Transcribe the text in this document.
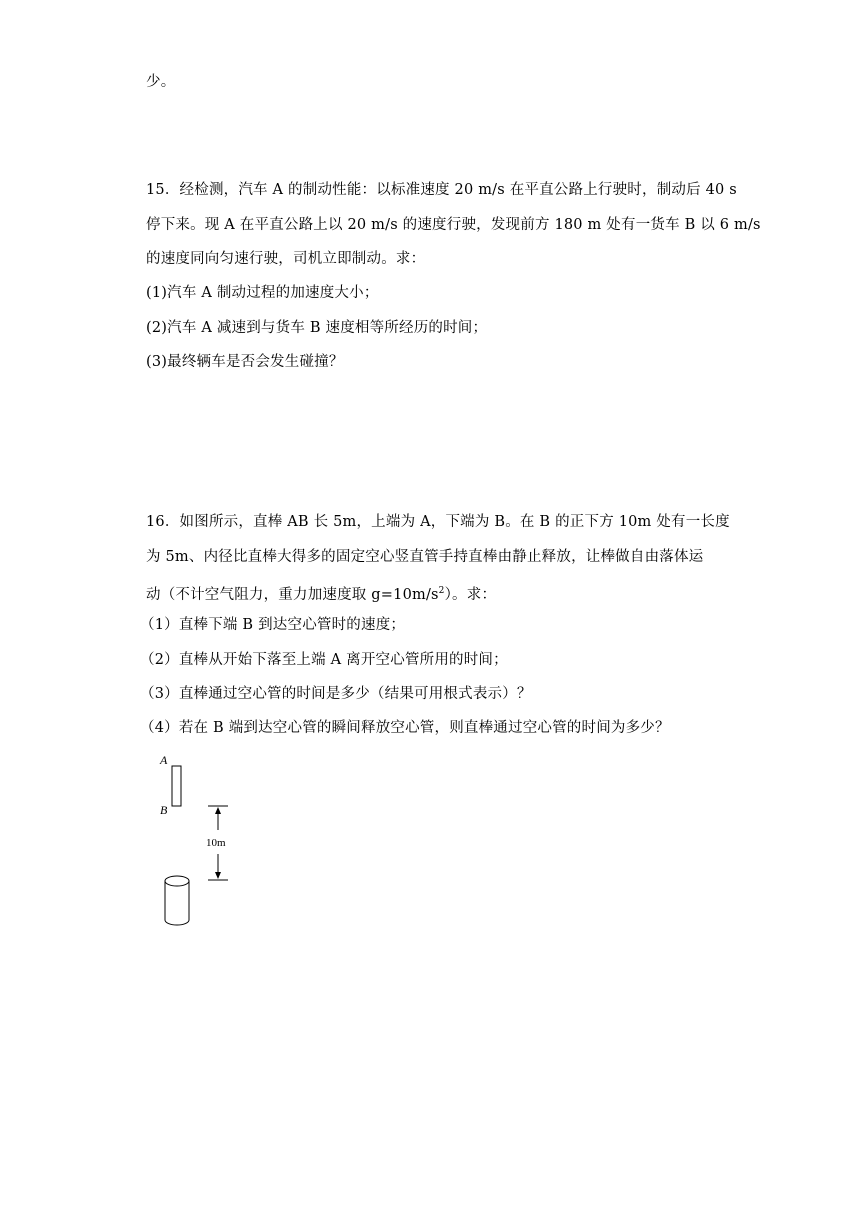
少。
15．经检测，汽车 A 的制动性能：以标准速度 20 m/s 在平直公路上行驶时，制动后 40 s
停下来。现 A 在平直公路上以 20 m/s 的速度行驶，发现前方 180 m 处有一货车 B 以 6 m/s
的速度同向匀速行驶，司机立即制动。求：
(1)汽车 A 制动过程的加速度大小；
(2)汽车 A 减速到与货车 B 速度相等所经历的时间；
(3)最终辆车是否会发生碰撞？
16．如图所示，直棒 AB 长 5m，上端为 A，下端为 B。在 B 的正下方 10m 处有一长度
为 5m、内径比直棒大得多的固定空心竖直管手持直棒由静止释放，让棒做自由落体运
动（不计空气阻力，重力加速度取 $g=10m/s^2$）。求：
（1）直棒下端 B 到达空心管时的速度；
（2）直棒从开始下落至上端 A 离开空心管所用的时间；
（3）直棒通过空心管的时间是多少（结果可用根式表示）？
（4）若在 B 端到达空心管的瞬间释放空心管，则直棒通过空心管的时间为多少？
A
B
10m
